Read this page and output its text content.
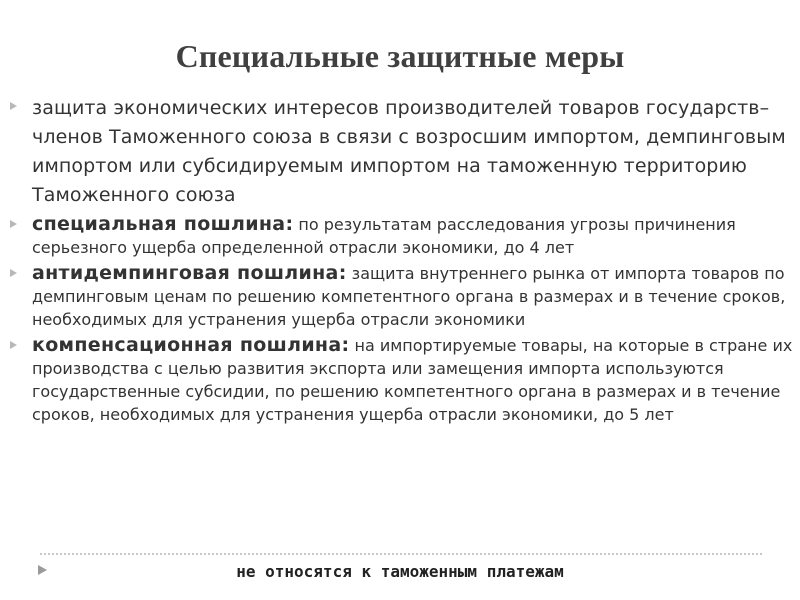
Специальные защитные меры

защита экономических интересов производителей товаров государств–членов Таможенного союза в связи с возросшим импортом, демпинговым импортом или субсидируемым импортом на таможенную территорию Таможенного союза

специальная пошлина: по результатам расследования угрозы причинения серьезного ущерба определенной отрасли экономики, до 4 лет

антидемпинговая пошлина: защита внутреннего рынка от импорта товаров по демпинговым ценам по решению компетентного органа в размерах и в течение сроков, необходимых для устранения ущерба отрасли экономики

компенсационная пошлина: на импортируемые товары, на которые в стране их производства с целью развития экспорта или замещения импорта используются государственные субсидии, по решению компетентного органа в размерах и в течение сроков, необходимых для устранения ущерба отрасли экономики, до 5 лет

не относятся к таможенным платежам
